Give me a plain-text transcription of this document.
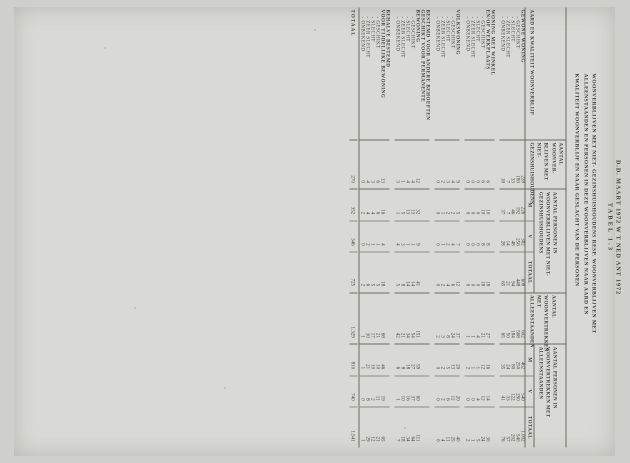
D.D. MAART 1972 W T NED ANT 1972
TABEL 1.3
WOONVERBLIJVEN MET NIET- GEZINSHUISHOUDENS RESP. WOONVERBLIJVEN MET
ALLEENSTAANDEN EN PERSONEN IN DEZE WOONVERBLIJVEN NAAR AARD EN
KWALITEIT WOONVERBLIJF EN NAAR GESLACHT VAN DE PERSONEN
AARD EN KWALITEIT WOONVERBLIJF	AANTAL WOONVER- BLIJVEN MET NIET- GEZINSHUISHOUDENS	AANTAL PERSONEN IN WOONVERBLIJVEN MET NIET- GEZINSHUISHOUDENS			AANTAL WOONVERTREKKEN MET ALLEENSTAANDEN	AANTAL PERSONEN IN WOONVERTREKKEN MET ALLEENSTAANDEN		
		M	V	TOTAAL		M	V	TOTAAL
GEWONE WONING	228	226	382	608	602	462	540	1.002
- GESCHIKT	180	192	256	448	568	250	290	540
- SLECHT	33	46	48	94	184	80	122	202
- ZEER SLECHT	7	7	14	21	50	24	33	57
- ONBEKEND	18	37	28	65	65	35	41	76

WONING MET WINKEL								
EN/OF WERKPLAATS	6	10	8	18	27	16	14	30
- GESCHIKT	6	10	8	18	21	12	12	24
- SLECHT	0	0	0	0	4	1	4	5
- ZEER SLECHT	0	0	0	0	1	1	0	1
- ONBEKEND	0	0	0	0	1	2	0	2

VOLKSWONING	9	5	7	12	37	20	20	40
- GESCHIKT	4	2	4	6	24	13	12	25
- SLECHT	3	2	2	4	8	5	6	11
- ZEER SLECHT	2	1	1	2	3	2	2	4
- ONBEKEND	0	0	0	0	2	0	0	0

BESTEMD VOOR ANDERE BEHOEFTEN								
GESCHIKT VOOR PERMANENTE								
BEWONING	12	32	9	41	151	59	60	111
- GESCHIKT	4	13	1	14	54	27	37	64
- SLECHT	4	13	1	14	34	18	16	34
- ZEER SLECHT	1	5	3	8	21	8	10	18
- ONBEKEND	3	1	4	5	42	6	1	7

BEHALVE BESTEMD								
VOOR TIJDELIJKE BEWONING	13	16	4	18	68	46	19	65
- GESCHIKT	6	6	1	5	21	10	11	21
- SLECHT	3	4	1	5	17	10	2	12
- ZEER SLECHT	4	4	2	6	30	21	8	29
- ONBEKEND	0	2	0	2	1	1	0	1

TOTAAL	270	352	346	725	1.329	810	740	1.541
